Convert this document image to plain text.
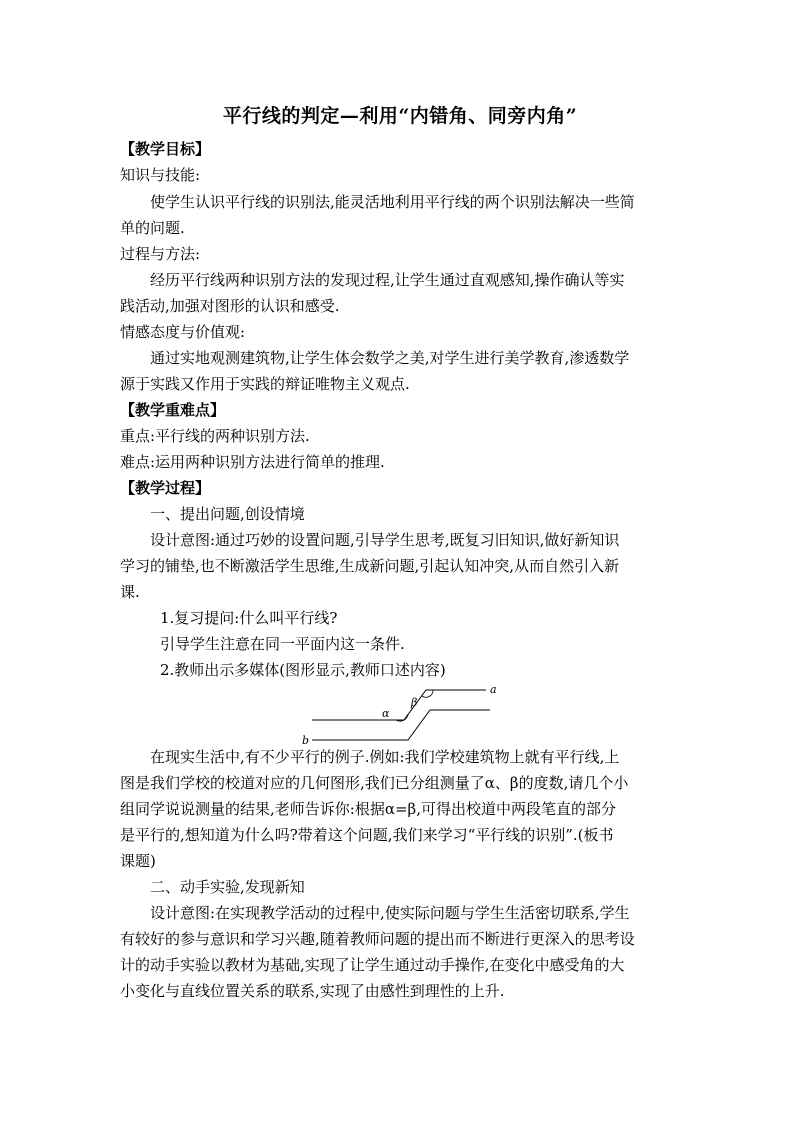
平行线的判定—利用“内错角、同旁内角”
【教学目标】
知识与技能:
使学生认识平行线的识别法,能灵活地利用平行线的两个识别法解决一些简
单的问题.
过程与方法:
经历平行线两种识别方法的发现过程,让学生通过直观感知,操作确认等实
践活动,加强对图形的认识和感受.
情感态度与价值观:
通过实地观测建筑物,让学生体会数学之美,对学生进行美学教育,渗透数学
源于实践又作用于实践的辩证唯物主义观点.
【教学重难点】
重点:平行线的两种识别方法.
难点:运用两种识别方法进行简单的推理.
【教学过程】
一、提出问题,创设情境
设计意图:通过巧妙的设置问题,引导学生思考,既复习旧知识,做好新知识
学习的铺垫,也不断激活学生思维,生成新问题,引起认知冲突,从而自然引入新
课.
1.复习提问:什么叫平行线?
引导学生注意在同一平面内这一条件.
2.教师出示多媒体(图形显示,教师口述内容)
a
b
α
β
在现实生活中,有不少平行的例子.例如:我们学校建筑物上就有平行线,上
图是我们学校的校道对应的几何图形,我们已分组测量了α、β的度数,请几个小
组同学说说测量的结果,老师告诉你:根据α=β,可得出校道中两段笔直的部分
是平行的,想知道为什么吗?带着这个问题,我们来学习“平行线的识别”.(板书
课题)
二、动手实验,发现新知
设计意图:在实现教学活动的过程中,使实际问题与学生生活密切联系,学生
有较好的参与意识和学习兴趣,随着教师问题的提出而不断进行更深入的思考设
计的动手实验以教材为基础,实现了让学生通过动手操作,在变化中感受角的大
小变化与直线位置关系的联系,实现了由感性到理性的上升.
